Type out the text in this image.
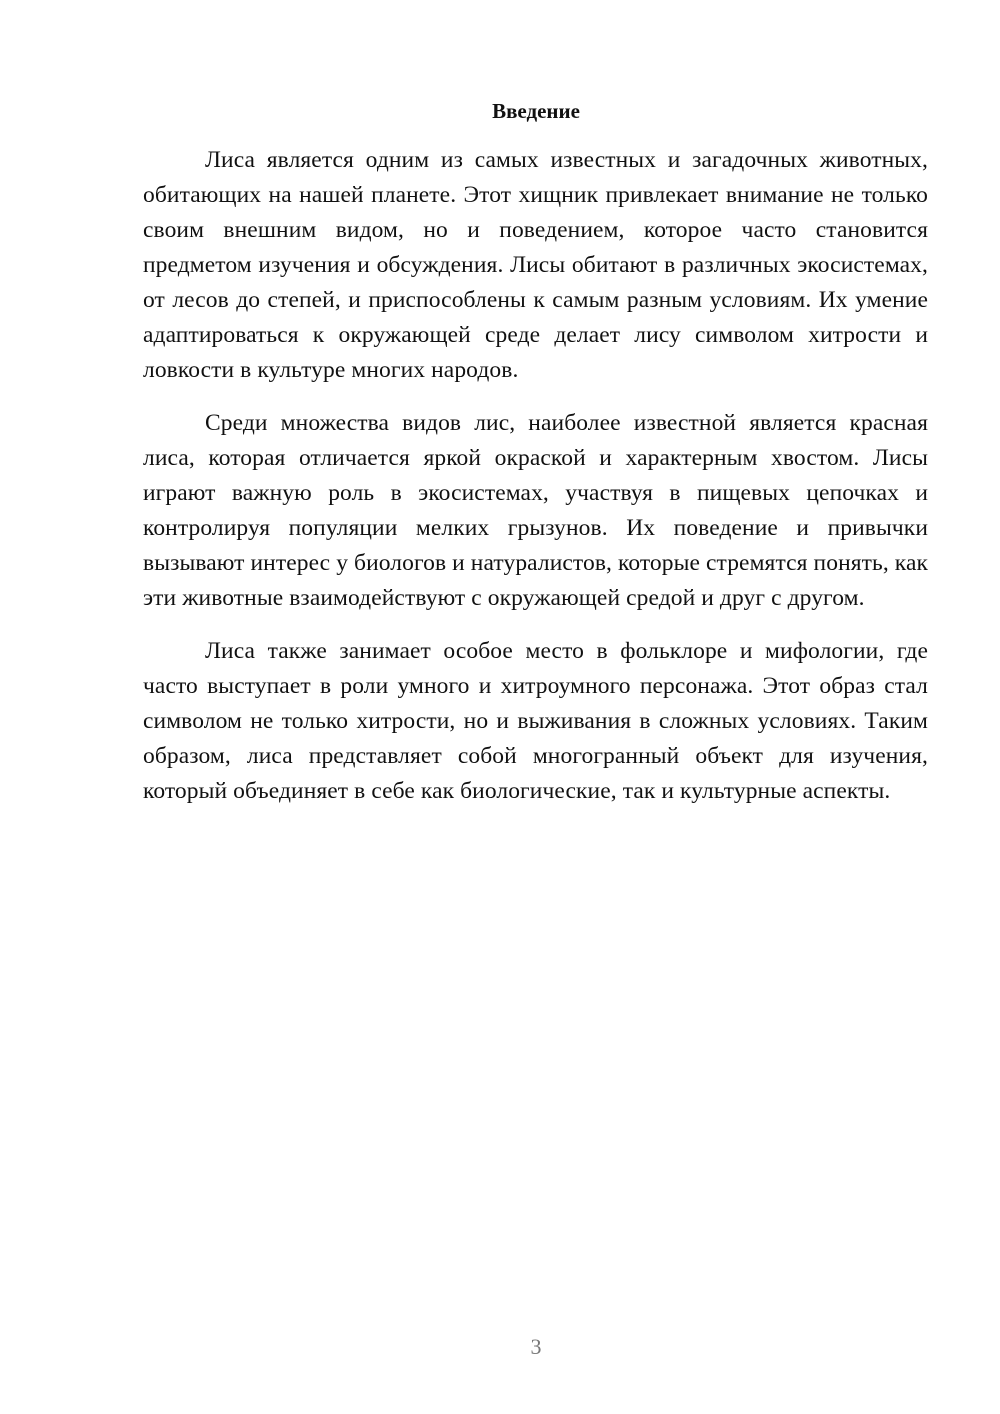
Введение

Лиса является одним из самых известных и загадочных животных, обитающих на нашей планете. Этот хищник привлекает внимание не только своим внешним видом, но и поведением, которое часто становится предметом изучения и обсуждения. Лисы обитают в различных экосистемах, от лесов до степей, и приспособлены к самым разным условиям. Их умение адаптироваться к окружающей среде делает лису символом хитрости и ловкости в культуре многих народов.

Среди множества видов лис, наиболее известной является красная лиса, которая отличается яркой окраской и характерным хвостом. Лисы играют важную роль в экосистемах, участвуя в пищевых цепочках и контролируя популяции мелких грызунов. Их поведение и привычки вызывают интерес у биологов и натуралистов, которые стремятся понять, как эти животные взаимодействуют с окружающей средой и друг с другом.

Лиса также занимает особое место в фольклоре и мифологии, где часто выступает в роли умного и хитроумного персонажа. Этот образ стал символом не только хитрости, но и выживания в сложных условиях. Таким образом, лиса представляет собой многогранный объект для изучения, который объединяет в себе как биологические, так и культурные аспекты.

3
